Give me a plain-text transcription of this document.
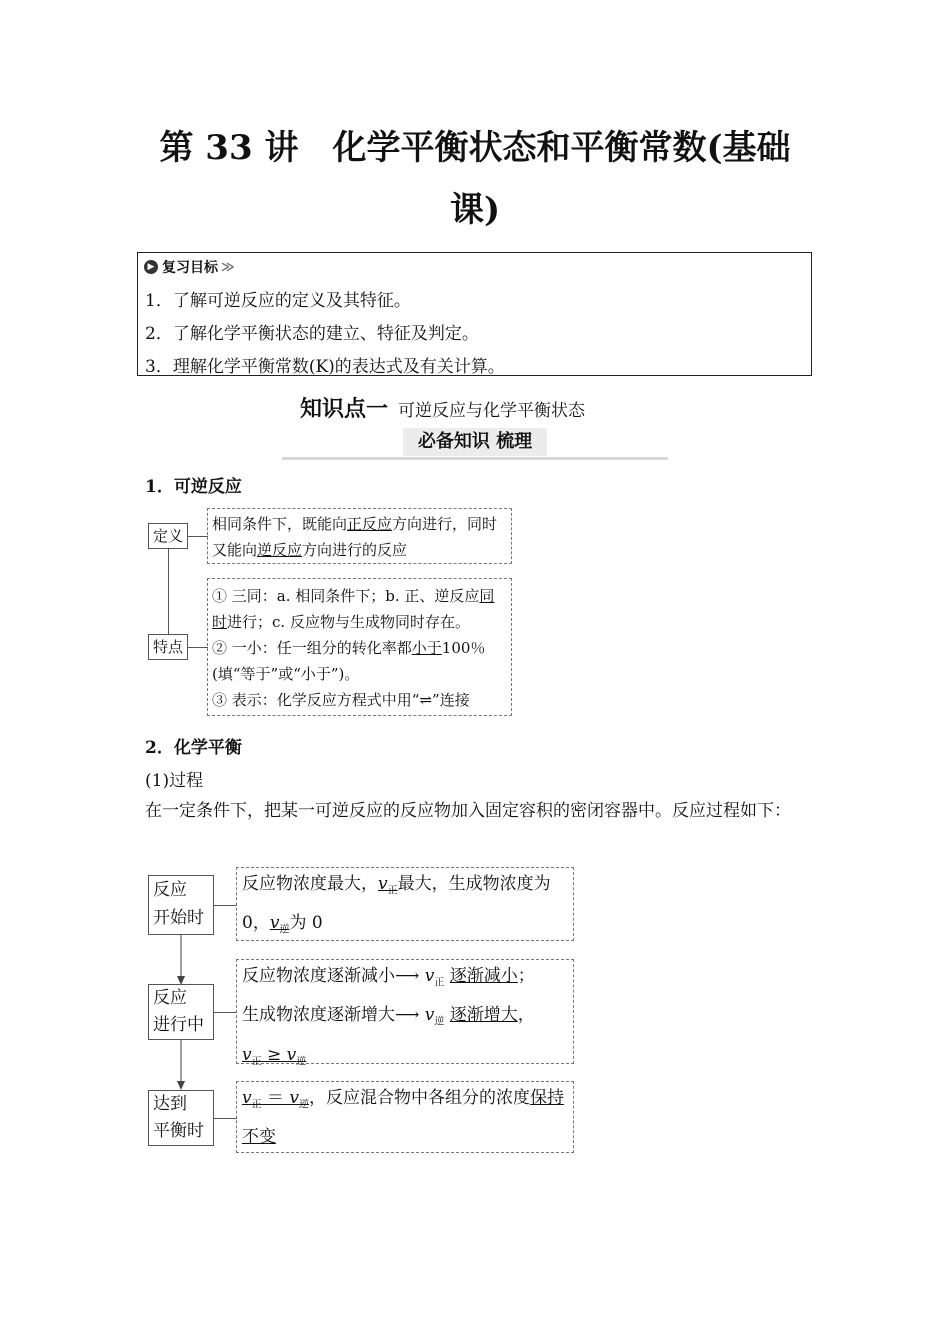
第 33 讲　化学平衡状态和平衡常数(基础
课)
▶ 复习目标 ≫
1．了解可逆反应的定义及其特征。
2．了解化学平衡状态的建立、特征及判定。
3．理解化学平衡常数(K)的表达式及有关计算。
知识点一 可逆反应与化学平衡状态
必备知识 梳理
1．可逆反应
定义
相同条件下，既能向正反应方向进行，同时又能向逆反应方向进行的反应
特点
① 三同：a. 相同条件下；b. 正、逆反应同时进行；c. 反应物与生成物同时存在。
② 一小：任一组分的转化率都小于100％(填“等于”或“小于”)。
③ 表示：化学反应方程式中用“⇌”连接
2．化学平衡
(1)过程
在一定条件下，把某一可逆反应的反应物加入固定容积的密闭容器中。反应过程如下：
反应
开始时
反应物浓度最大，$v_正$最大，生成物浓度为 0，$v_逆$为 0
反应
进行中
反应物浓度逐渐减小⟶ $v_正$ 逐渐减小；
生成物浓度逐渐增大⟶ $v_逆$ 逐渐增大，
$v_正 \ge v_逆$
达到
平衡时
$v_正 = v_逆$，反应混合物中各组分的浓度保持不变
